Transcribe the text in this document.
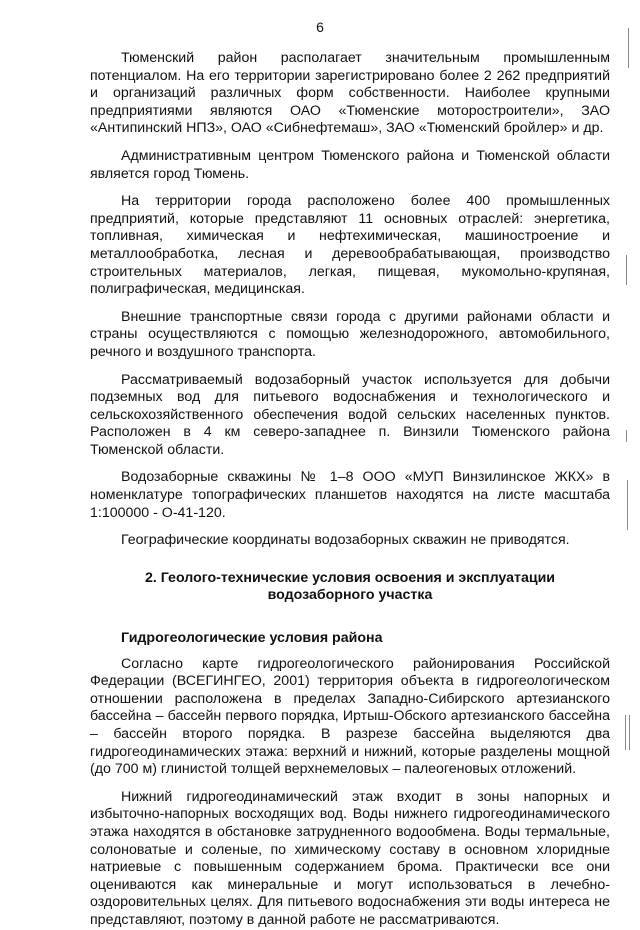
6

Тюменский район располагает значительным промышленным потенциалом. На его территории зарегистрировано более 2 262 предприятий и организаций различных форм собственности. Наиболее крупными предприятиями являются ОАО «Тюменские моторостроители», ЗАО «Антипинский НПЗ», ОАО «Сибнефтемаш», ЗАО «Тюменский бройлер» и др.

Административным центром Тюменского района и Тюменской области является город Тюмень.

На территории города расположено более 400 промышленных предприятий, которые представляют 11 основных отраслей: энергетика, топливная, химическая и нефтехимическая, машиностроение и металлообработка, лесная и деревообрабатывающая, производство строительных материалов, легкая, пищевая, мукомольно-крупяная, полиграфическая, медицинская.

Внешние транспортные связи города с другими районами области и страны осуществляются с помощью железнодорожного, автомобильного, речного и воздушного транспорта.

Рассматриваемый водозаборный участок используется для добычи подземных вод для питьевого водоснабжения и технологического и сельскохозяйственного обеспечения водой сельских населенных пунктов. Расположен в 4 км северо-западнее п. Винзили Тюменского района Тюменской области.

Водозаборные скважины № 1–8 ООО «МУП Винзилинское ЖКХ» в номенклатуре топографических планшетов находятся на листе масштаба 1:100000 - О-41-120.

Географические координаты водозаборных скважин не приводятся.

2. Геолого-технические условия освоения и эксплуатации

водозаборного участка

Гидрогеологические условия района

Согласно карте гидрогеологического районирования Российской Федерации (ВСЕГИНГЕО, 2001) территория объекта в гидрогеологическом отношении расположена в пределах Западно-Сибирского артезианского бассейна – бассейн первого порядка, Иртыш-Обского артезианского бассейна – бассейн второго порядка. В разрезе бассейна выделяются два гидрогеодинамических этажа: верхний и нижний, которые разделены мощной (до 700 м) глинистой толщей верхнемеловых – палеогеновых отложений.

Нижний гидрогеодинамический этаж входит в зоны напорных и избыточно-напорных восходящих вод. Воды нижнего гидрогеодинамического этажа находятся в обстановке затрудненного водообмена. Воды термальные, солоноватые и соленые, по химическому составу в основном хлоридные натриевые с повышенным содержанием брома. Практически все они оцениваются как минеральные и могут использоваться в лечебно-оздоровительных целях. Для питьевого водоснабжения эти воды интереса не представляют, поэтому в данной работе не рассматриваются.
